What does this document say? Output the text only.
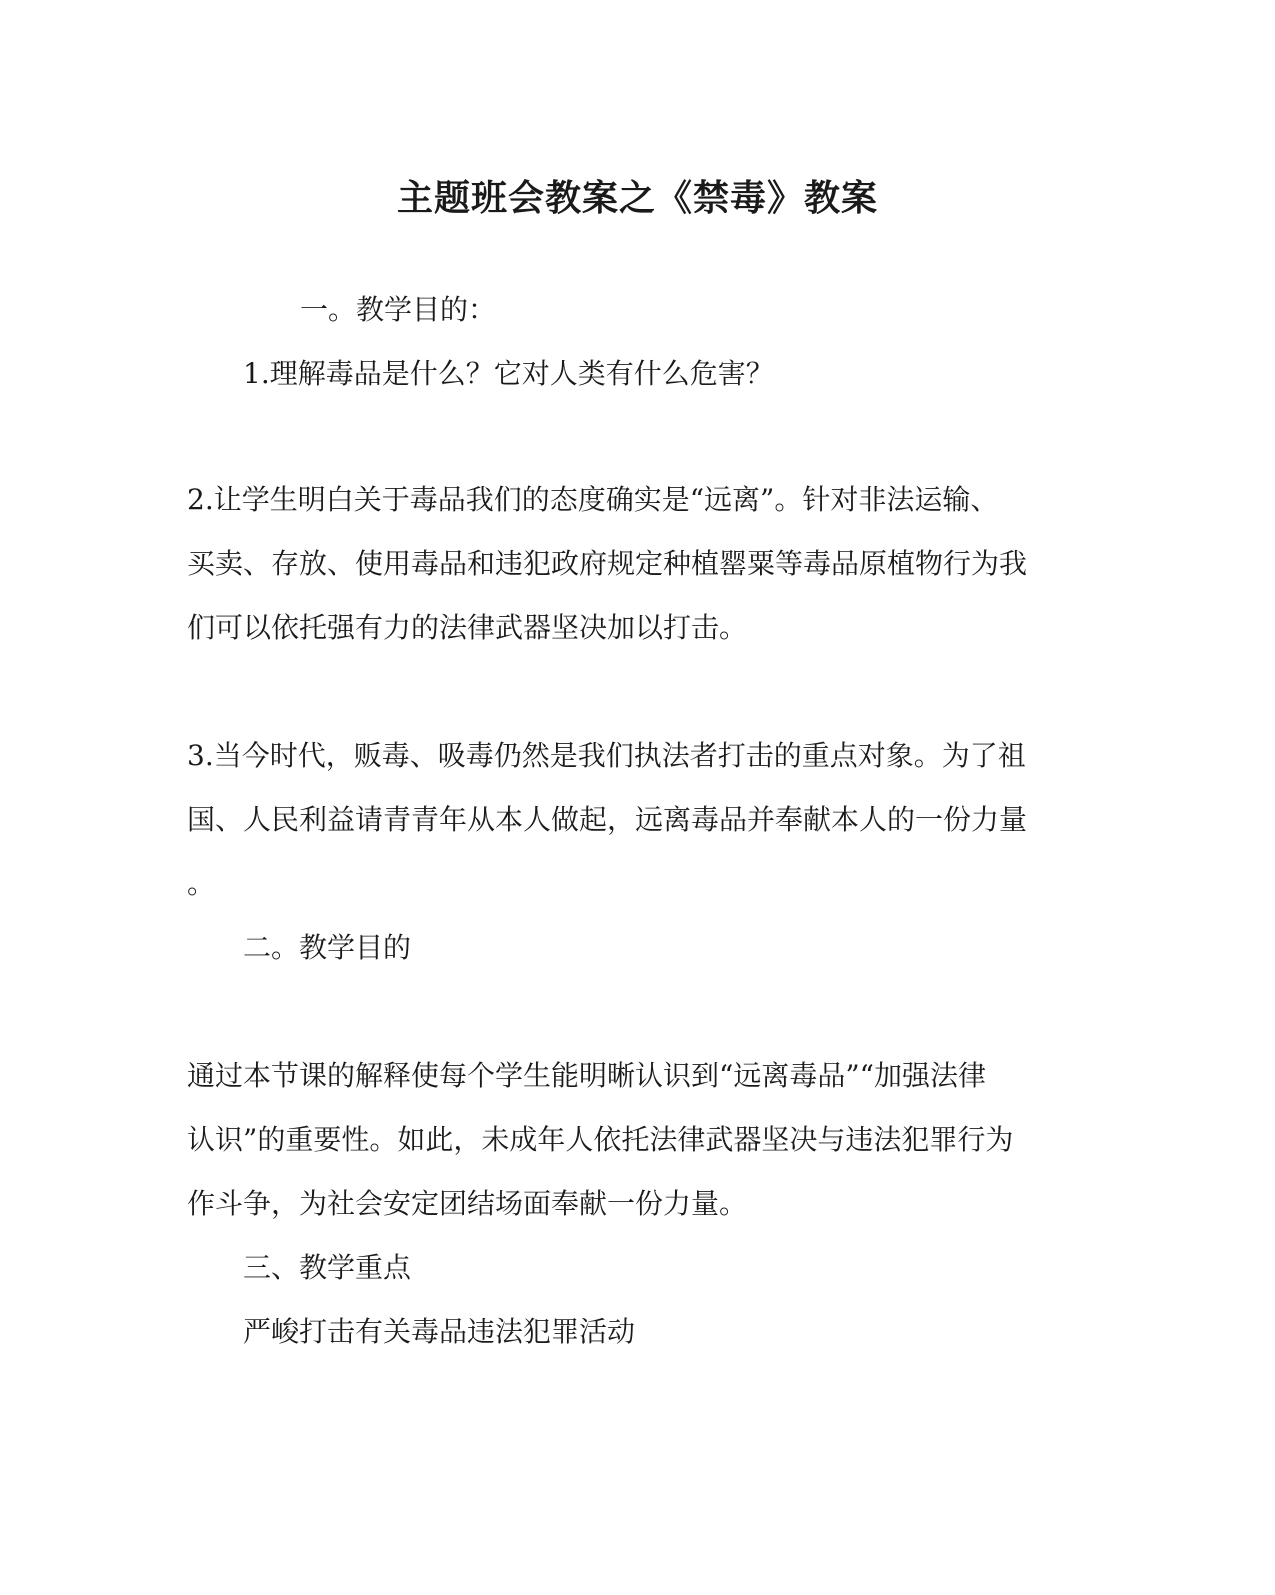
主题班会教案之《禁毒》教案
一。教学目的：
1.理解毒品是什么？它对人类有什么危害？
2.让学生明白关于毒品我们的态度确实是“远离”。针对非法运输、
买卖、存放、使用毒品和违犯政府规定种植罂粟等毒品原植物行为我
们可以依托强有力的法律武器坚决加以打击。
3.当今时代，贩毒、吸毒仍然是我们执法者打击的重点对象。为了祖
国、人民利益请青青年从本人做起，远离毒品并奉献本人的一份力量
。
二。教学目的
通过本节课的解释使每个学生能明晰认识到“远离毒品”“加强法律
认识”的重要性。如此，未成年人依托法律武器坚决与违法犯罪行为
作斗争，为社会安定团结场面奉献一份力量。
三、教学重点
严峻打击有关毒品违法犯罪活动
